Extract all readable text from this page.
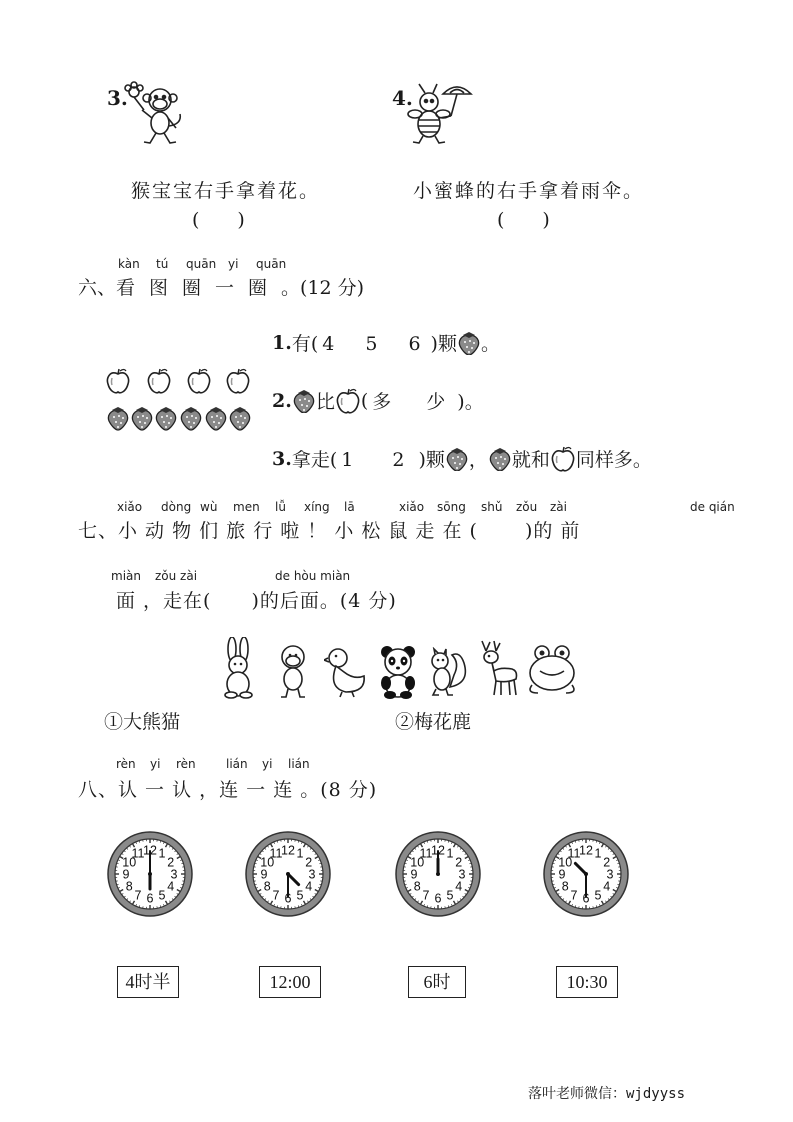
3.	4.
猴宝宝右手拿着花。
(　　)
小蜜蜂的右手拿着雨伞。
(　　)
kàn tú quān yi quān
六、看图圈一圈。(12 分)
1. 有( 4　5　6 )颗 。
2. 比 ( 多　少 )。
3. 拿走( 1　2 )颗 ， 就和 同样多。
xiǎo dòng wù men lǚ xíng lā	xiǎo sōng shǔ zǒu zài	de qián
七、小 动 物 们 旅 行 啦 ！ 小 松 鼠 走 在 (　　 )的 前
miàn zǒu zài	de hòu miàn
面 ，走在(　　)的后面。(4 分)
①大熊猫	②梅花鹿
rèn yi rèn	lián yi lián
八、认 一 认 ，连 一 连 。(8 分)
12 1
2
3
4
5
6
7
8
9
10
11	12 1
2
3
4
5
6
7
8
9
10
11	12 1
2
3
4
5
6
7
8
9
10
11	12 1
2
3
4
5
6
7
8
9
10
11
4时半	12:00	6时	10:30
落叶老师微信：wjdyyss
